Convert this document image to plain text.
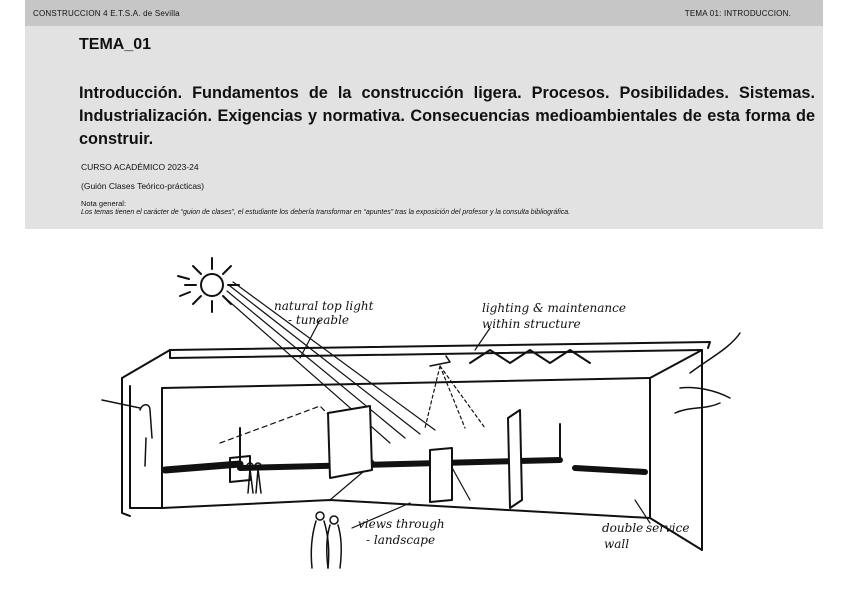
CONSTRUCCION 4 E.T.S.A. de Sevilla	TEMA 01: INTRODUCCION.
TEMA_01

Introducción. Fundamentos de la construcción ligera. Procesos. Posibilidades. Sistemas. Industrialización. Exigencias y normativa. Consecuencias medioambientales de esta forma de construir.

CURSO ACADÉMICO 2023-24
(Guión Clases Teórico-prácticas)
Nota general:
Los temas tienen el carácter de “guion de clases”, el estudiante los debería transformar en “apuntes” tras la exposición del profesor y la consulta bibliográfica.
natural top light
- tuneable
lighting & maintenance
within structure
views through
- landscape
double service
wall
